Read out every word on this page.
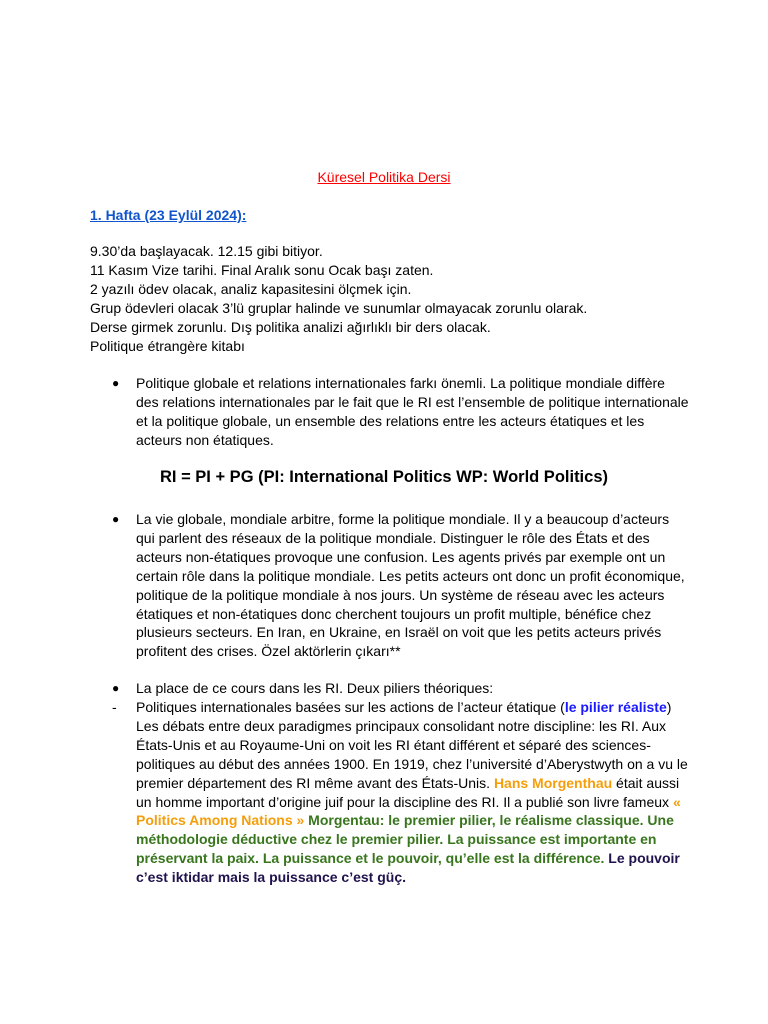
Küresel Politika Dersi
1. Hafta (23 Eylül 2024):
9.30’da başlayacak. 12.15 gibi bitiyor.
11 Kasım Vize tarihi. Final Aralık sonu Ocak başı zaten.
2 yazılı ödev olacak, analiz kapasitesini ölçmek için.
Grup ödevleri olacak 3’lü gruplar halinde ve sunumlar olmayacak zorunlu olarak.
Derse girmek zorunlu. Dış politika analizi ağırlıklı bir ders olacak.
Politique étrangère kitabı
● Politique globale et relations internationales farkı önemli. La politique mondiale diffère des relations internationales par le fait que le RI est l’ensemble de politique internationale et la politique globale, un ensemble des relations entre les acteurs étatiques et les acteurs non étatiques.
RI = PI + PG (PI: International Politics WP: World Politics)
● La vie globale, mondiale arbitre, forme la politique mondiale. Il y a beaucoup d’acteurs qui parlent des réseaux de la politique mondiale. Distinguer le rôle des États et des acteurs non-étatiques provoque une confusion. Les agents privés par exemple ont un certain rôle dans la politique mondiale. Les petits acteurs ont donc un profit économique, politique de la politique mondiale à nos jours. Un système de réseau avec les acteurs étatiques et non-étatiques donc cherchent toujours un profit multiple, bénéfice chez plusieurs secteurs. En Iran, en Ukraine, en Israël on voit que les petits acteurs privés profitent des crises. Özel aktörlerin çıkarı**
● La place de ce cours dans les RI. Deux piliers théoriques:
- Politiques internationales basées sur les actions de l’acteur étatique (le pilier réaliste) Les débats entre deux paradigmes principaux consolidant notre discipline: les RI. Aux États-Unis et au Royaume-Uni on voit les RI étant différent et séparé des sciences-politiques au début des années 1900. En 1919, chez l’université d’Aberystwyth on a vu le premier département des RI même avant des États-Unis. Hans Morgenthau était aussi un homme important d’origine juif pour la discipline des RI. Il a publié son livre fameux « Politics Among Nations » Morgentau: le premier pilier, le réalisme classique. Une méthodologie déductive chez le premier pilier. La puissance est importante en préservant la paix. La puissance et le pouvoir, qu’elle est la différence. Le pouvoir c’est iktidar mais la puissance c’est güç.
